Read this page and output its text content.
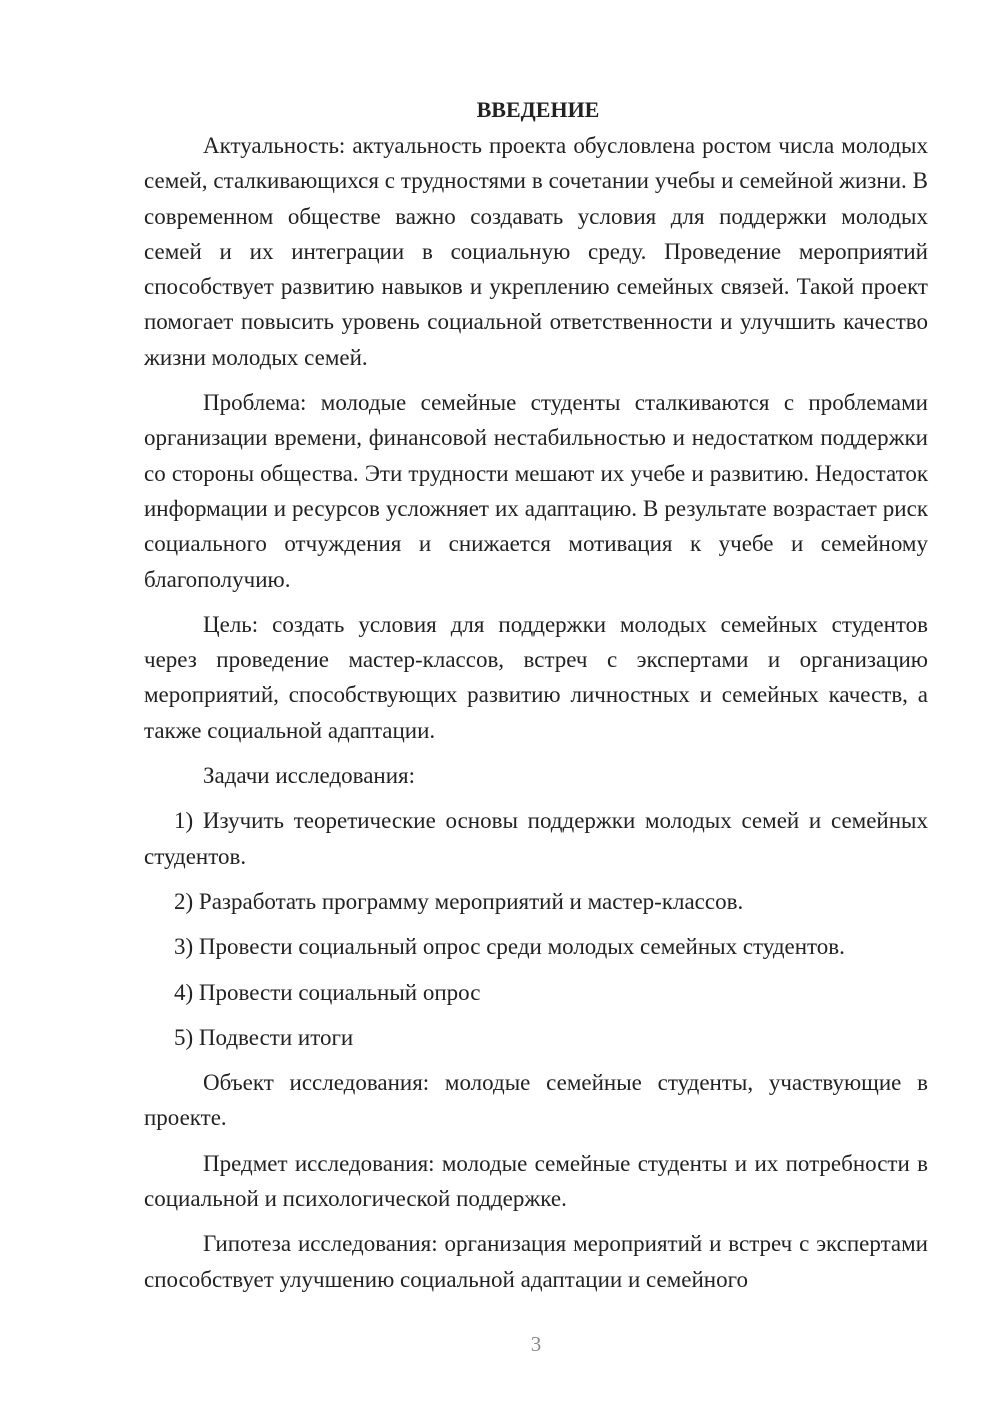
ВВЕДЕНИЕ

Актуальность: актуальность проекта обусловлена ростом числа молодых семей, сталкивающихся с трудностями в сочетании учебы и семейной жизни. В современном обществе важно создавать условия для поддержки молодых семей и их интеграции в социальную среду. Проведение мероприятий способствует развитию навыков и укреплению семейных связей. Такой проект помогает повысить уровень социальной ответственности и улучшить качество жизни молодых семей.

Проблема: молодые семейные студенты сталкиваются с проблемами организации времени, финансовой нестабильностью и недостатком поддержки со стороны общества. Эти трудности мешают их учебе и развитию. Недостаток информации и ресурсов усложняет их адаптацию. В результате возрастает риск социального отчуждения и снижается мотивация к учебе и семейному благополучию.

Цель: создать условия для поддержки молодых семейных студентов через проведение мастер-классов, встреч с экспертами и организацию мероприятий, способствующих развитию личностных и семейных качеств, а также социальной адаптации.

Задачи исследования:

1) Изучить теоретические основы поддержки молодых семей и семейных студентов.

2) Разработать программу мероприятий и мастер-классов.

3) Провести социальный опрос среди молодых семейных студентов.

4) Провести социальный опрос

5) Подвести итоги

Объект исследования: молодые семейные студенты, участвующие в проекте.

Предмет исследования: молодые семейные студенты и их потребности в социальной и психологической поддержке.

Гипотеза исследования: организация мероприятий и встреч с экспертами способствует улучшению социальной адаптации и семейного

3
